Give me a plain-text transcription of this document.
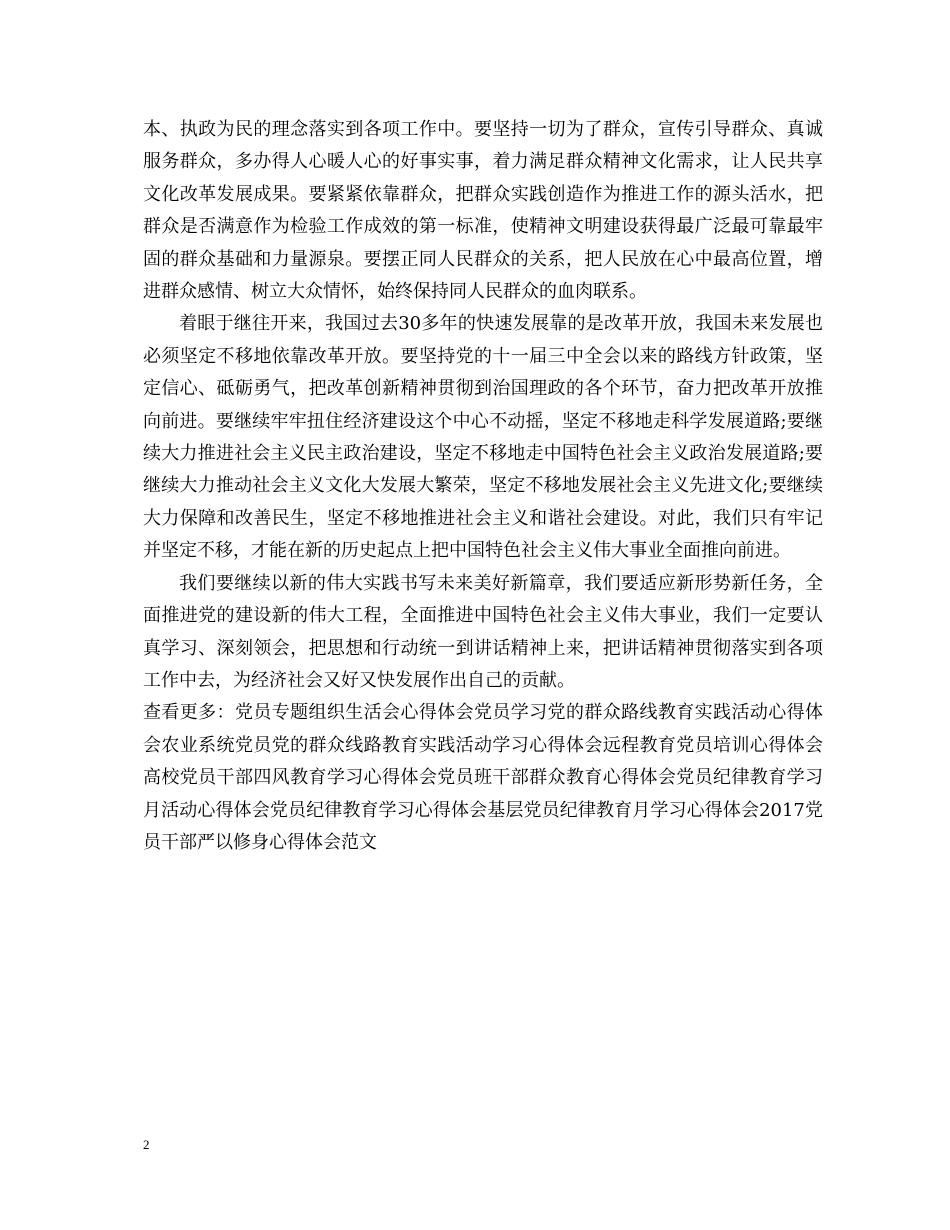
本、执政为民的理念落实到各项工作中。要坚持一切为了群众，宣传引导群众、真诚服务群众，多办得人心暖人心的好事实事，着力满足群众精神文化需求，让人民共享文化改革发展成果。要紧紧依靠群众，把群众实践创造作为推进工作的源头活水，把群众是否满意作为检验工作成效的第一标准，使精神文明建设获得最广泛最可靠最牢固的群众基础和力量源泉。要摆正同人民群众的关系，把人民放在心中最高位置，增进群众感情、树立大众情怀，始终保持同人民群众的血肉联系。

着眼于继往开来，我国过去30多年的快速发展靠的是改革开放，我国未来发展也必须坚定不移地依靠改革开放。要坚持党的十一届三中全会以来的路线方针政策，坚定信心、砥砺勇气，把改革创新精神贯彻到治国理政的各个环节，奋力把改革开放推向前进。要继续牢牢扭住经济建设这个中心不动摇，坚定不移地走科学发展道路;要继续大力推进社会主义民主政治建设，坚定不移地走中国特色社会主义政治发展道路;要继续大力推动社会主义文化大发展大繁荣，坚定不移地发展社会主义先进文化;要继续大力保障和改善民生，坚定不移地推进社会主义和谐社会建设。对此，我们只有牢记并坚定不移，才能在新的历史起点上把中国特色社会主义伟大事业全面推向前进。

我们要继续以新的伟大实践书写未来美好新篇章，我们要适应新形势新任务，全面推进党的建设新的伟大工程，全面推进中国特色社会主义伟大事业，我们一定要认真学习、深刻领会，把思想和行动统一到讲话精神上来，把讲话精神贯彻落实到各项工作中去，为经济社会又好又快发展作出自己的贡献。

查看更多：党员专题组织生活会心得体会党员学习党的群众路线教育实践活动心得体会农业系统党员党的群众线路教育实践活动学习心得体会远程教育党员培训心得体会高校党员干部四风教育学习心得体会党员班干部群众教育心得体会党员纪律教育学习月活动心得体会党员纪律教育学习心得体会基层党员纪律教育月学习心得体会2017党员干部严以修身心得体会范文

2
